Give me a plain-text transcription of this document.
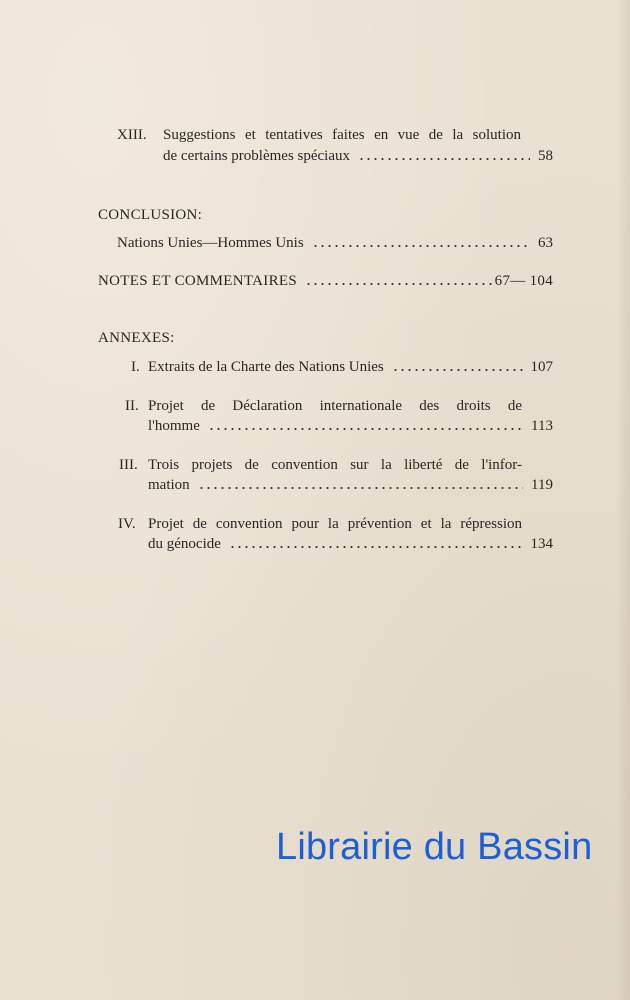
XIII. Suggestions et tentatives faites en vue de la solution
de certains problèmes spéciaux	58
CONCLUSION:
Nations Unies—Hommes Unis	63
NOTES ET COMMENTAIRES	67— 104
ANNEXES:
I. Extraits de la Charte des Nations Unies	107
II. Projet de Déclaration internationale des droits de
l'homme	113
III. Trois projets de convention sur la liberté de l'infor-
mation	119
IV. Projet de convention pour la prévention et la répression
du génocide	134
Librairie du Bassin
